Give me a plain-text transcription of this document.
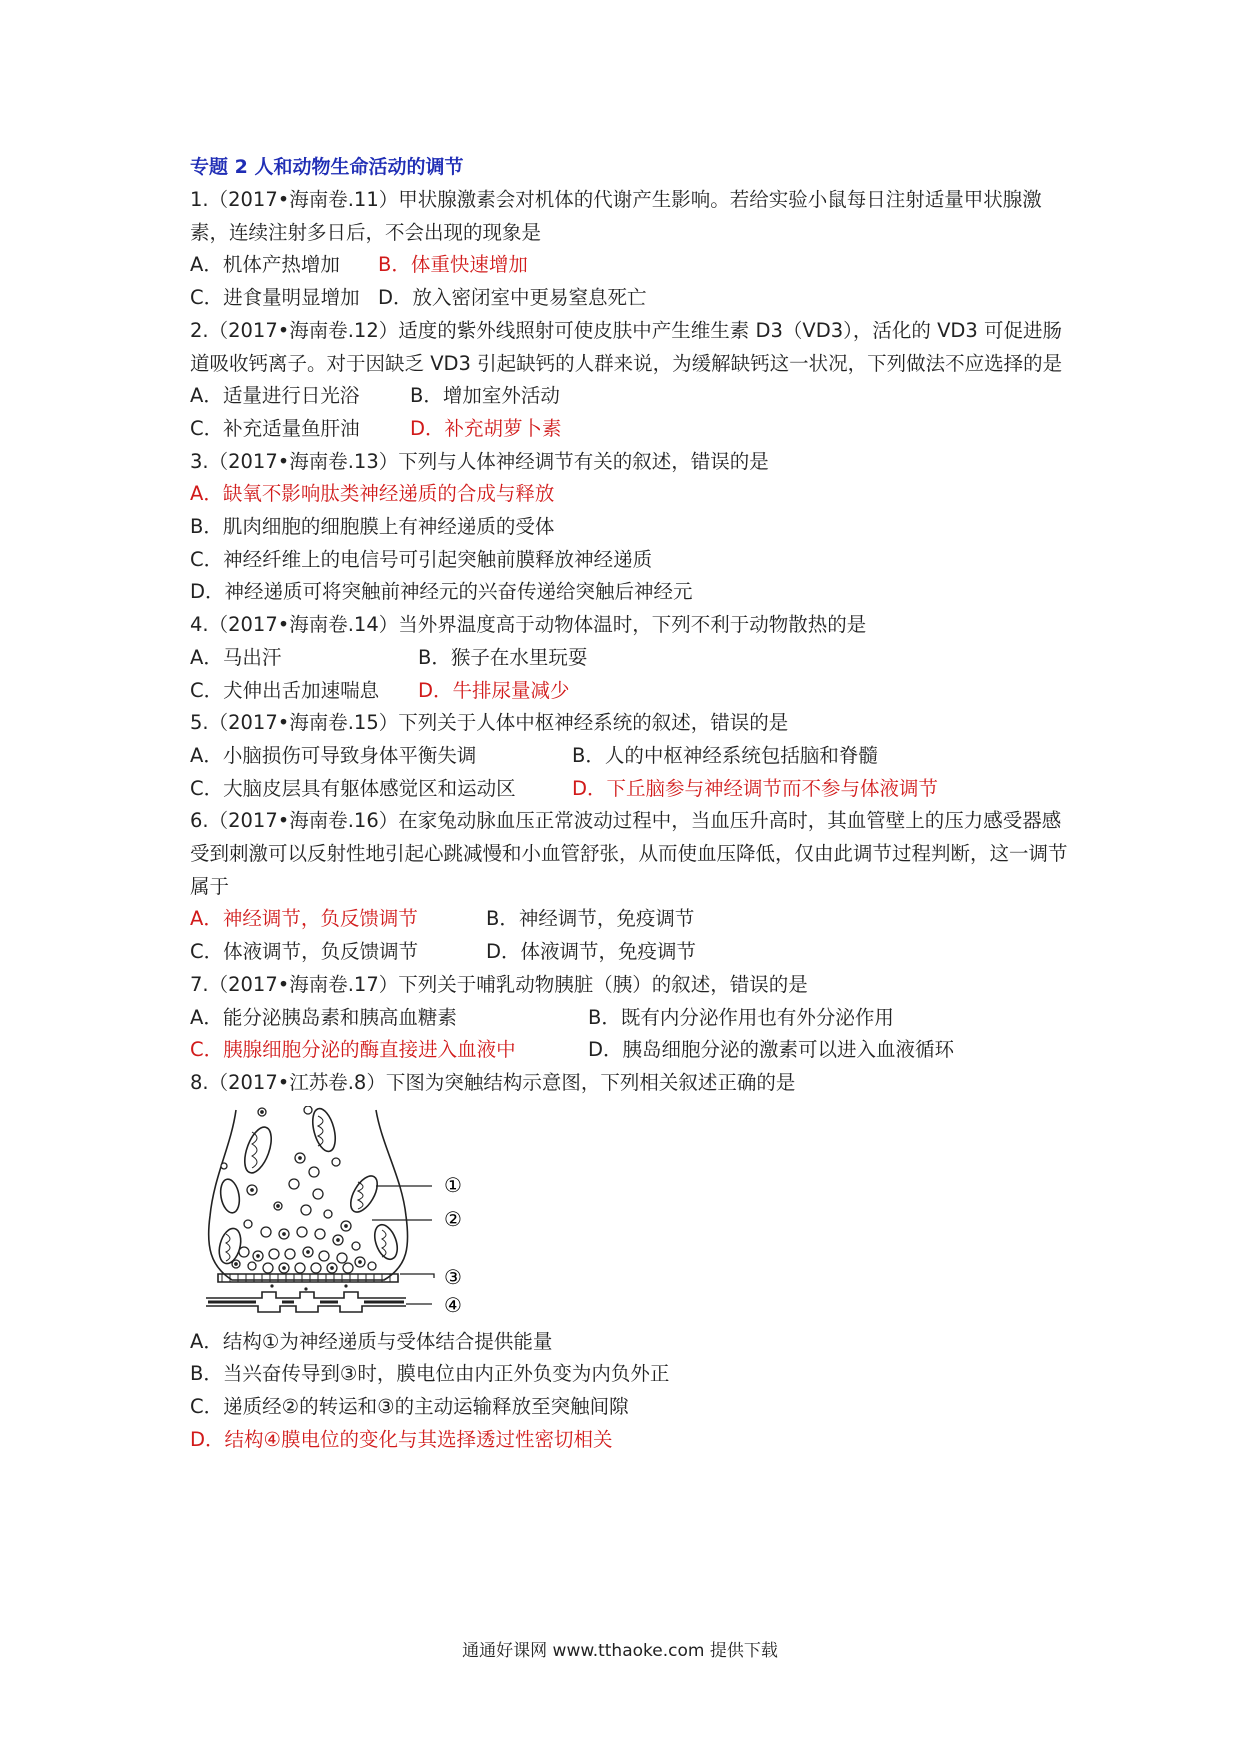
专题 2 人和动物生命活动的调节
1.（2017•海南卷.11）甲状腺激素会对机体的代谢产生影响。若给实验小鼠每日注射适量甲状腺激素，连续注射多日后，不会出现的现象是
A．机体产热增加	B．体重快速增加
C．进食量明显增加 D．放入密闭室中更易窒息死亡
2.（2017•海南卷.12）适度的紫外线照射可使皮肤中产生维生素 D3（VD3），活化的 VD3 可促进肠道吸收钙离子。对于因缺乏 VD3 引起缺钙的人群来说，为缓解缺钙这一状况，下列做法不应选择的是
A．适量进行日光浴	B．增加室外活动
C．补充适量鱼肝油	D．补充胡萝卜素
3.（2017•海南卷.13）下列与人体神经调节有关的叙述，错误的是
A．缺氧不影响肽类神经递质的合成与释放
B．肌肉细胞的细胞膜上有神经递质的受体
C．神经纤维上的电信号可引起突触前膜释放神经递质
D．神经递质可将突触前神经元的兴奋传递给突触后神经元
4.（2017•海南卷.14）当外界温度高于动物体温时，下列不利于动物散热的是
A．马出汗	B．猴子在水里玩耍
C．犬伸出舌加速喘息	D．牛排尿量减少
5.（2017•海南卷.15）下列关于人体中枢神经系统的叙述，错误的是
A．小脑损伤可导致身体平衡失调	B．人的中枢神经系统包括脑和脊髓
C．大脑皮层具有躯体感觉区和运动区	D．下丘脑参与神经调节而不参与体液调节
6.（2017•海南卷.16）在家兔动脉血压正常波动过程中，当血压升高时，其血管壁上的压力感受器感受到刺激可以反射性地引起心跳减慢和小血管舒张，从而使血压降低，仅由此调节过程判断，这一调节属于
A．神经调节，负反馈调节	B．神经调节，免疫调节
C．体液调节，负反馈调节	D．体液调节，免疫调节
7.（2017•海南卷.17）下列关于哺乳动物胰脏（胰）的叙述，错误的是
A．能分泌胰岛素和胰高血糖素	B．既有内分泌作用也有外分泌作用
C．胰腺细胞分泌的酶直接进入血液中	D．胰岛细胞分泌的激素可以进入血液循环
8.（2017•江苏卷.8）下图为突触结构示意图，下列相关叙述正确的是
①
②
③
④
A．结构①为神经递质与受体结合提供能量
B．当兴奋传导到③时，膜电位由内正外负变为内负外正
C．递质经②的转运和③的主动运输释放至突触间隙
D．结构④膜电位的变化与其选择透过性密切相关
通通好课网 www.tthaoke.com 提供下载
